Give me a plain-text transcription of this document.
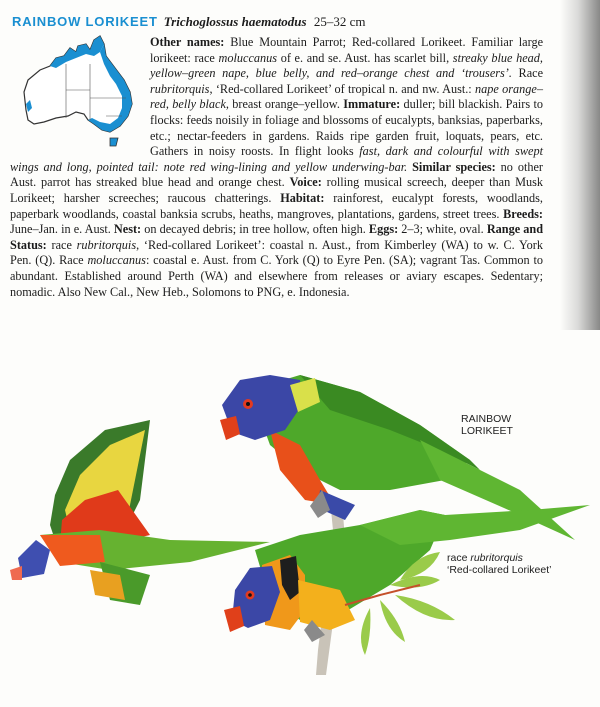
RAINBOW LORIKEET Trichoglossus haematodus 25–32 cm

Other names: Blue Mountain Parrot; Red-collared Lorikeet. Familiar large lorikeet: race moluccanus of e. and se. Aust. has scarlet bill, streaky blue head, yellow–green nape, blue belly, and red–orange chest and ‘trousers’. Race rubritorquis, ‘Red-collared Lorikeet’ of tropical n. and nw. Aust.: nape orange–red, belly black, breast orange–yellow. Immature: duller; bill blackish. Pairs to flocks: feeds noisily in foliage and blossoms of eucalypts, banksias, paperbarks, etc.; nectar-feeders in gardens. Raids ripe garden fruit, loquats, pears, etc. Gathers in noisy roosts. In flight looks fast, dark and colourful with swept wings and long, pointed tail: note red wing-lining and yellow underwing-bar. Similar species: no other Aust. parrot has streaked blue head and orange chest. Voice: rolling musical screech, deeper than Musk Lorikeet; harsher screeches; raucous chatterings. Habitat: rainforest, eucalypt forests, woodlands, paperbark woodlands, coastal banksia scrubs, heaths, mangroves, plantations, gardens, street trees. Breeds: June–Jan. in e. Aust. Nest: on decayed debris; in tree hollow, often high. Eggs: 2–3; white, oval. Range and Status: race rubritorquis, ‘Red-collared Lorikeet’: coastal n. Aust., from Kimberley (WA) to w. C. York Pen. (Q). Race moluccanus: coastal e. Aust. from C. York (Q) to Eyre Pen. (SA); vagrant Tas. Common to abundant. Established around Perth (WA) and elsewhere from releases or aviary escapes. Sedentary; nomadic. Also New Cal., New Heb., Solomons to PNG, e. Indonesia.

RAINBOW
LORIKEET
race rubritorquis
‘Red-collared Lorikeet’
